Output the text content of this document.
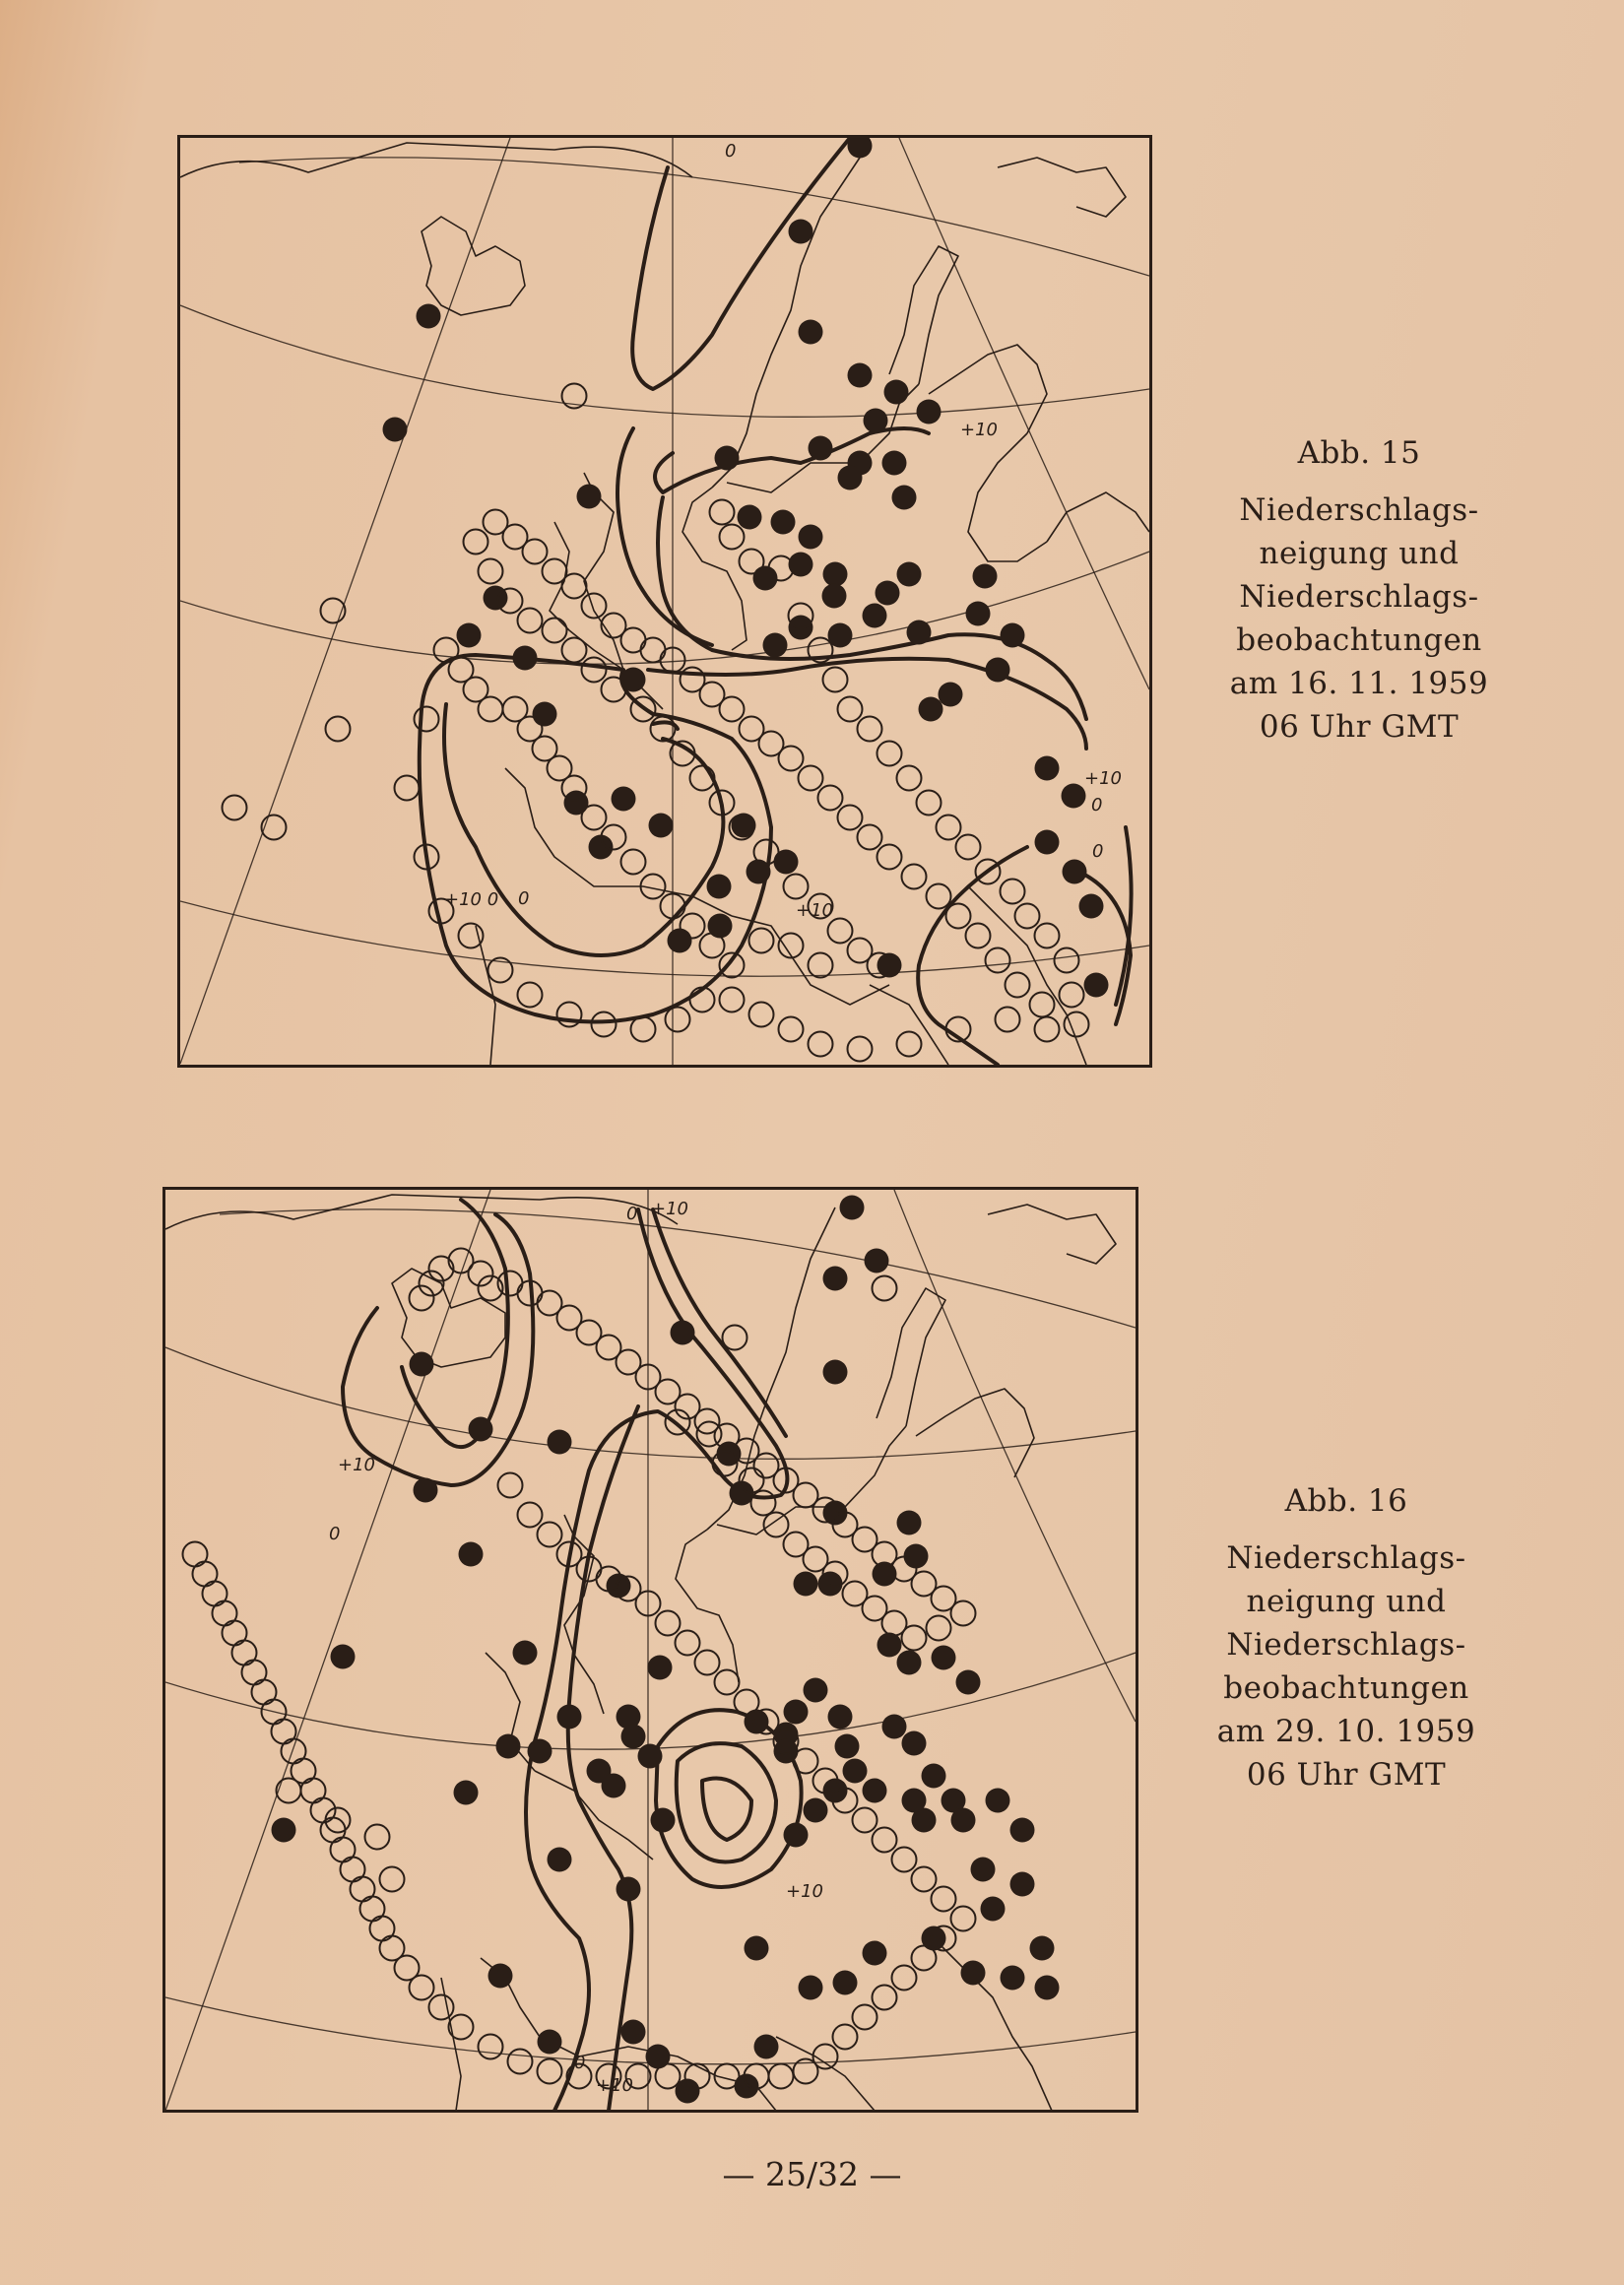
0
+10
+10
0
0
+10
0
+10 0
Abb. 15
Niederschlags-
neigung und
Niederschlags-
beobachtungen
am 16. 11. 1959
06 Uhr GMT
0 +10
+10
0
+10
0
+10
Abb. 16
Niederschlags-
neigung und
Niederschlags-
beobachtungen
am 29. 10. 1959
06 Uhr GMT
— 25/32 —
